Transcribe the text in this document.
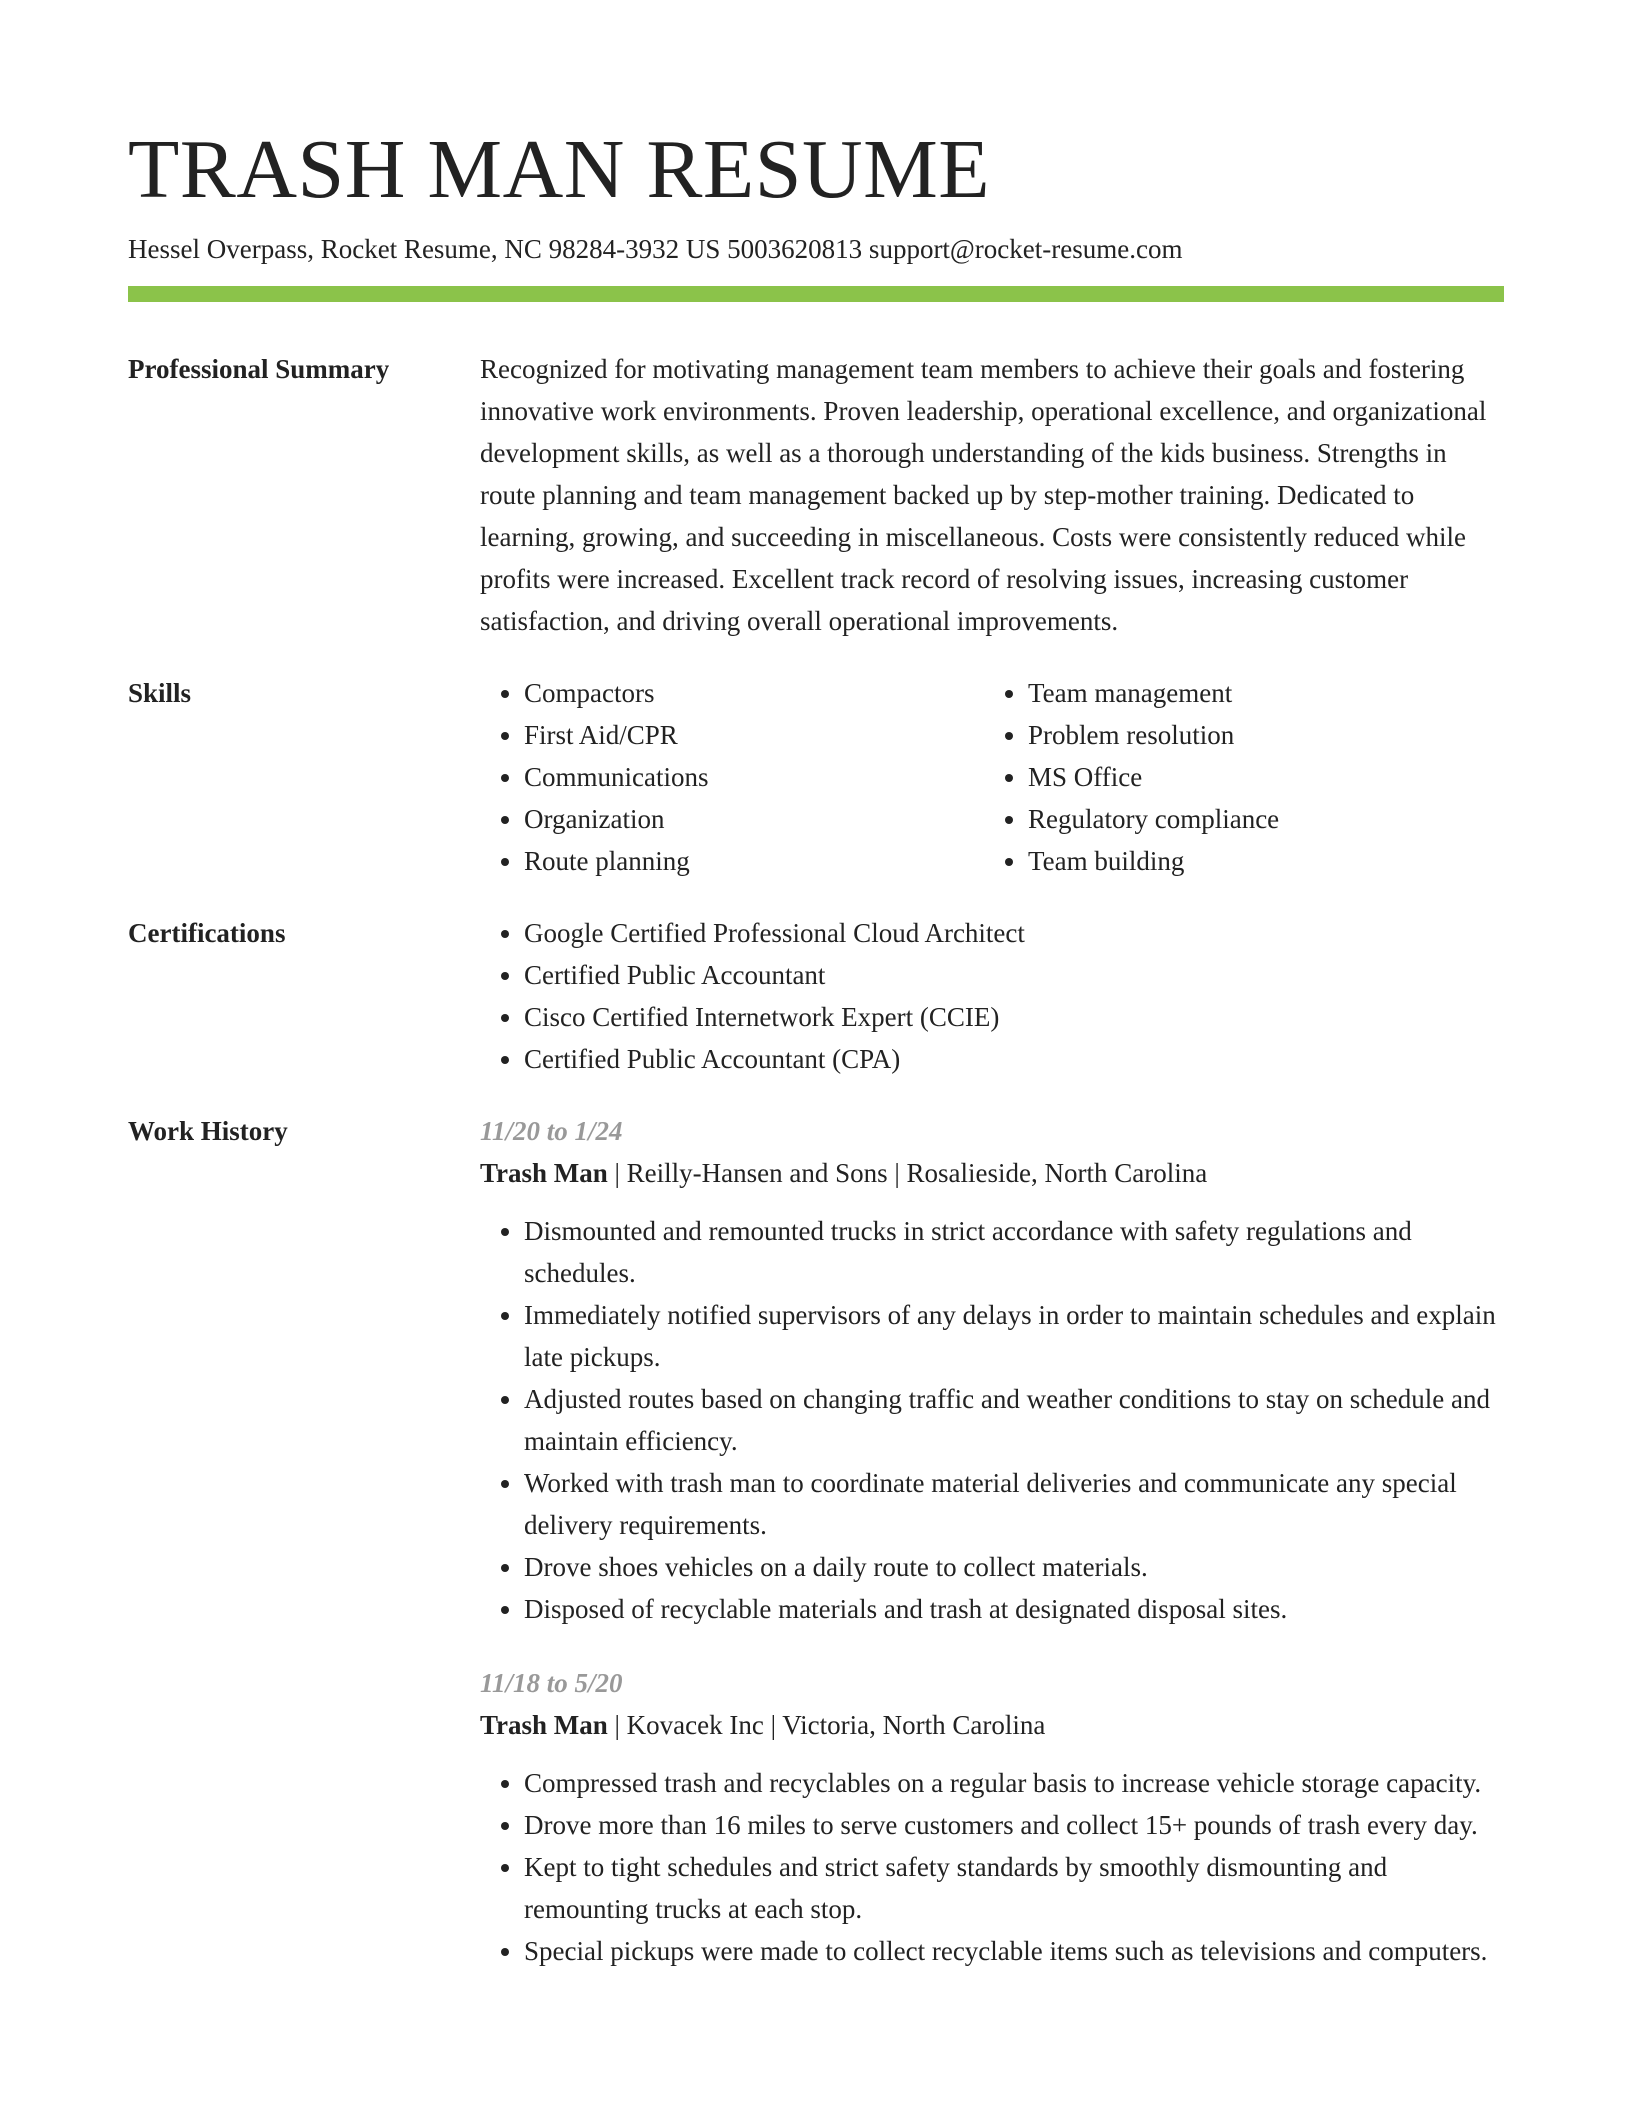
TRASH MAN RESUME
Hessel Overpass, Rocket Resume, NC 98284-3932 US 5003620813 support@rocket-resume.com
Professional Summary	Recognized for motivating management team members to achieve their goals and fostering innovative work environments. Proven leadership, operational excellence, and organizational development skills, as well as a thorough understanding of the kids business. Strengths in route planning and team management backed up by step-mother training. Dedicated to learning, growing, and succeeding in miscellaneous. Costs were consistently reduced while profits were increased. Excellent track record of resolving issues, increasing customer satisfaction, and driving overall operational improvements.

Skills	• Compactors
• First Aid/CPR
• Communications
• Organization
• Route planning
• Team management
• Problem resolution
• MS Office
• Regulatory compliance
• Team building
Certifications	• Google Certified Professional Cloud Architect
• Certified Public Accountant
• Cisco Certified Internetwork Expert (CCIE)
• Certified Public Accountant (CPA)
Work History	11/20 to 1/24

Trash Man | Reilly-Hansen and Sons | Rosalieside, North Carolina

• Dismounted and remounted trucks in strict accordance with safety regulations and schedules.
• Immediately notified supervisors of any delays in order to maintain schedules and explain late pickups.
• Adjusted routes based on changing traffic and weather conditions to stay on schedule and maintain efficiency.
• Worked with trash man to coordinate material deliveries and communicate any special delivery requirements.
• Drove shoes vehicles on a daily route to collect materials.
• Disposed of recyclable materials and trash at designated disposal sites.

11/18 to 5/20

Trash Man | Kovacek Inc | Victoria, North Carolina

• Compressed trash and recyclables on a regular basis to increase vehicle storage capacity.
• Drove more than 16 miles to serve customers and collect 15+ pounds of trash every day.
• Kept to tight schedules and strict safety standards by smoothly dismounting and remounting trucks at each stop.
• Special pickups were made to collect recyclable items such as televisions and computers.
